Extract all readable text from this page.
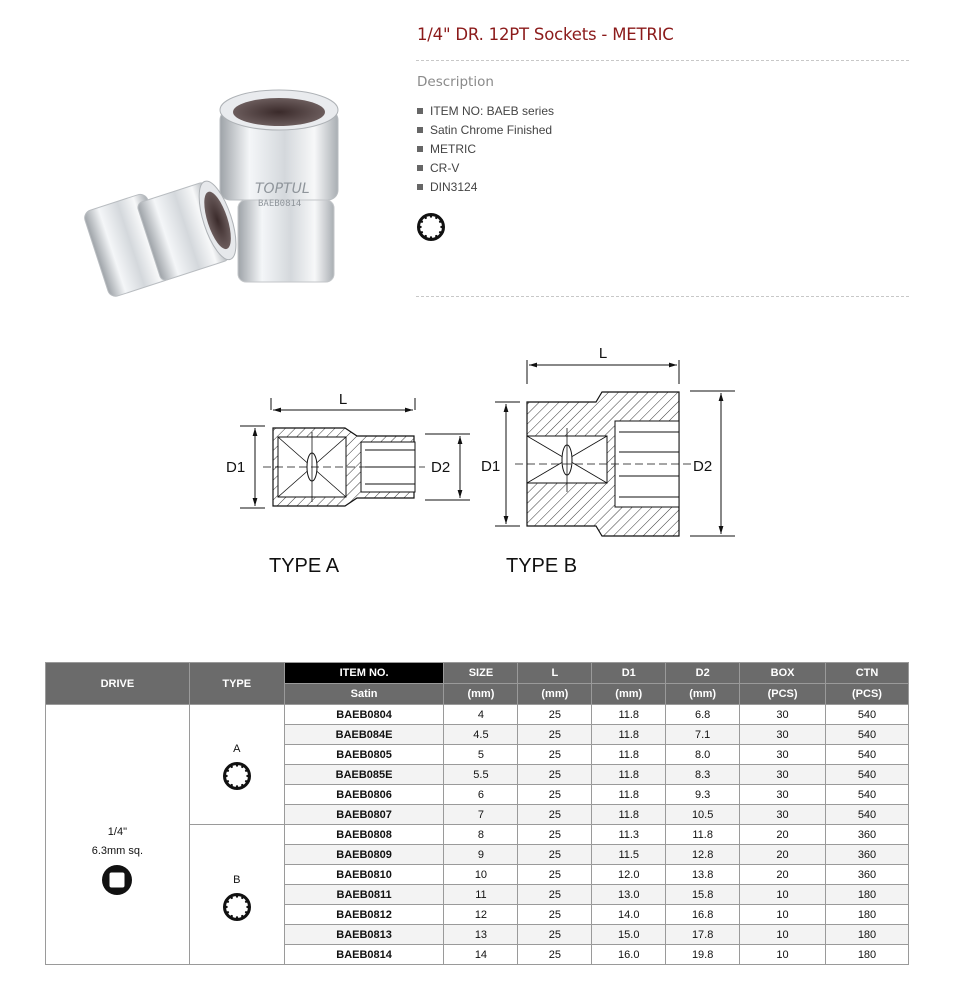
TOPTUL
BAEB0814
1/4" DR. 12PT Sockets - METRIC
Description
ITEM NO: BAEB series
Satin Chrome Finished
METRIC
CR-V
DIN3124
L
D1	D2
TYPE A
L
D1	D2
TYPE B
DRIVE	TYPE	ITEM NO.	SIZE	L	D1	D2	BOX	CTN
		Satin	(mm)	(mm)	(mm)	(mm)	(PCS)	(PCS)

1/4"
6.3mm sq.	A	BAEB0804	4	25	11.8	6.8	30	540
		BAEB084E	4.5	25	11.8	7.1	30	540
		BAEB0805	5	25	11.8	8.0	30	540
		BAEB085E	5.5	25	11.8	8.3	30	540
		BAEB0806	6	25	11.8	9.3	30	540
		BAEB0807	7	25	11.8	10.5	30	540

	B	BAEB0808	8	25	11.3	11.8	20	360
		BAEB0809	9	25	11.5	12.8	20	360
		BAEB0810	10	25	12.0	13.8	20	360
		BAEB0811	11	25	13.0	15.8	10	180
		BAEB0812	12	25	14.0	16.8	10	180
		BAEB0813	13	25	15.0	17.8	10	180
		BAEB0814	14	25	16.0	19.8	10	180
